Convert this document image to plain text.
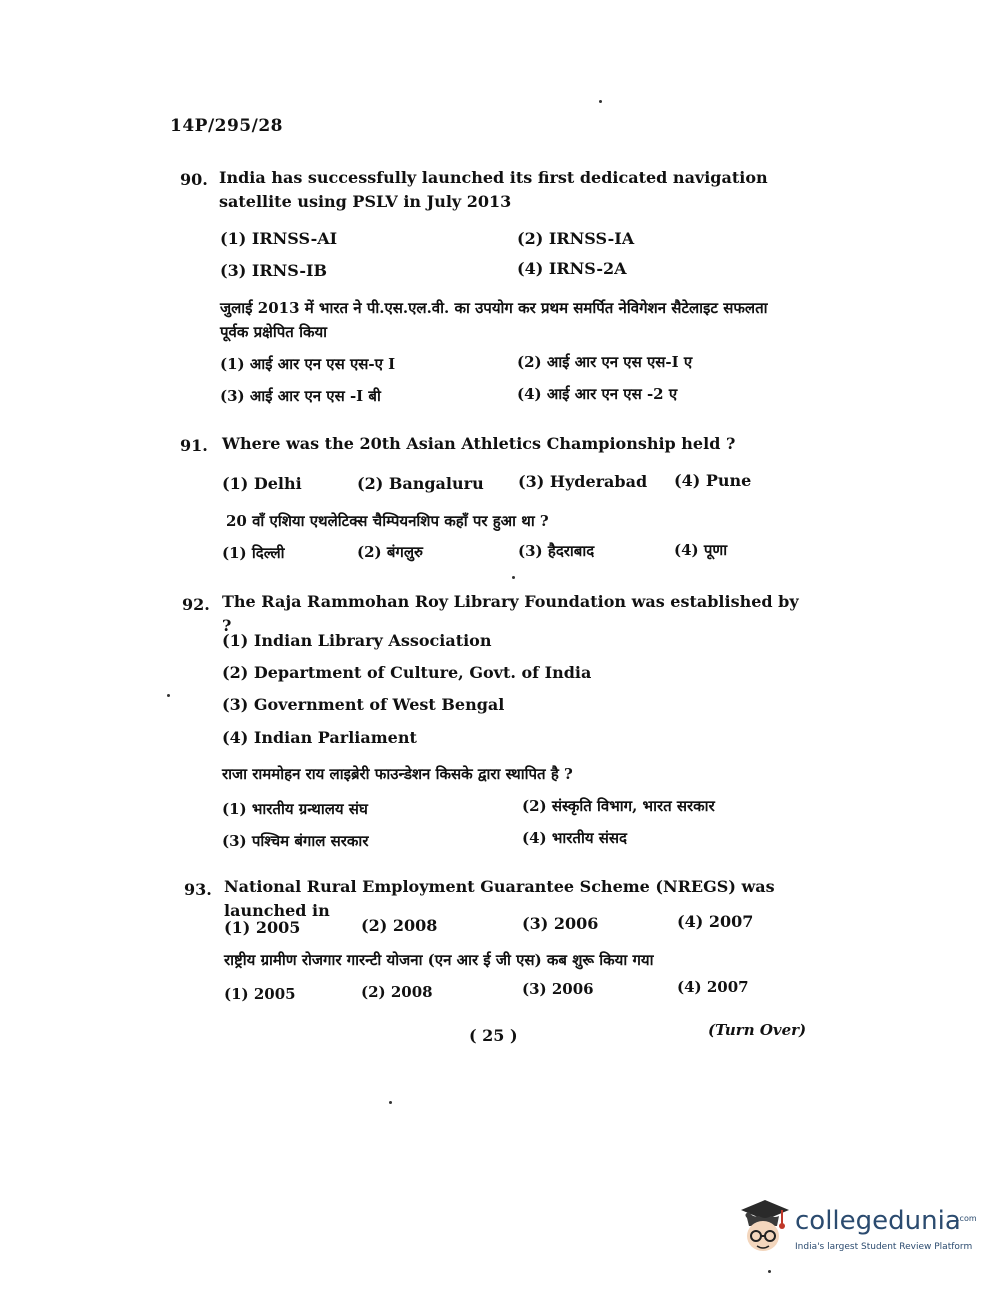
14P/295/28
90. India has successfully launched its first dedicated navigation satellite using PSLV in July 2013
(1) IRNSS-AI	(2) IRNSS-IA
(3) IRNS-IB	(4) IRNS-2A
जुलाई 2013 में भारत ने पी.एस.एल.वी. का उपयोग कर प्रथम समर्पित नेविगेशन सैटेलाइट सफलता पूर्वक प्रक्षेपित किया
(1) आई आर एन एस एस-ए I	(2) आई आर एन एस एस-I ए
(3) आई आर एन एस -I बी	(4) आई आर एन एस -2 ए
91. Where was the 20th Asian Athletics Championship held ?
(1) Delhi	(2) Bangaluru (3) Hyderabad (4) Pune
20 वाँ एशिया एथलेटिक्स चैम्पियनशिप कहाँ पर हुआ था ?
(1) दिल्ली	(2) बंगलुरु	(3) हैदराबाद	(4) पूणा
92. The Raja Rammohan Roy Library Foundation was established by ?
(1) Indian Library Association
(2) Department of Culture, Govt. of India
(3) Government of West Bengal
(4) Indian Parliament
राजा राममोहन राय लाइब्रेरी फाउन्डेशन किसके द्वारा स्थापित है ?
(1) भारतीय ग्रन्थालय संघ	(2) संस्कृति विभाग, भारत सरकार
(3) पश्चिम बंगाल सरकार	(4) भारतीय संसद
93. National Rural Employment Guarantee Scheme (NREGS) was launched in
(1) 2005	(2) 2008	(3) 2006	(4) 2007
राष्ट्रीय ग्रामीण रोजगार गारन्टी योजना (एन आर ई जी एस) कब शुरू किया गया
(1) 2005	(2) 2008	(3) 2006	(4) 2007
( 25 )	(Turn Over)
collegedunia
.com
India's largest Student Review Platform
